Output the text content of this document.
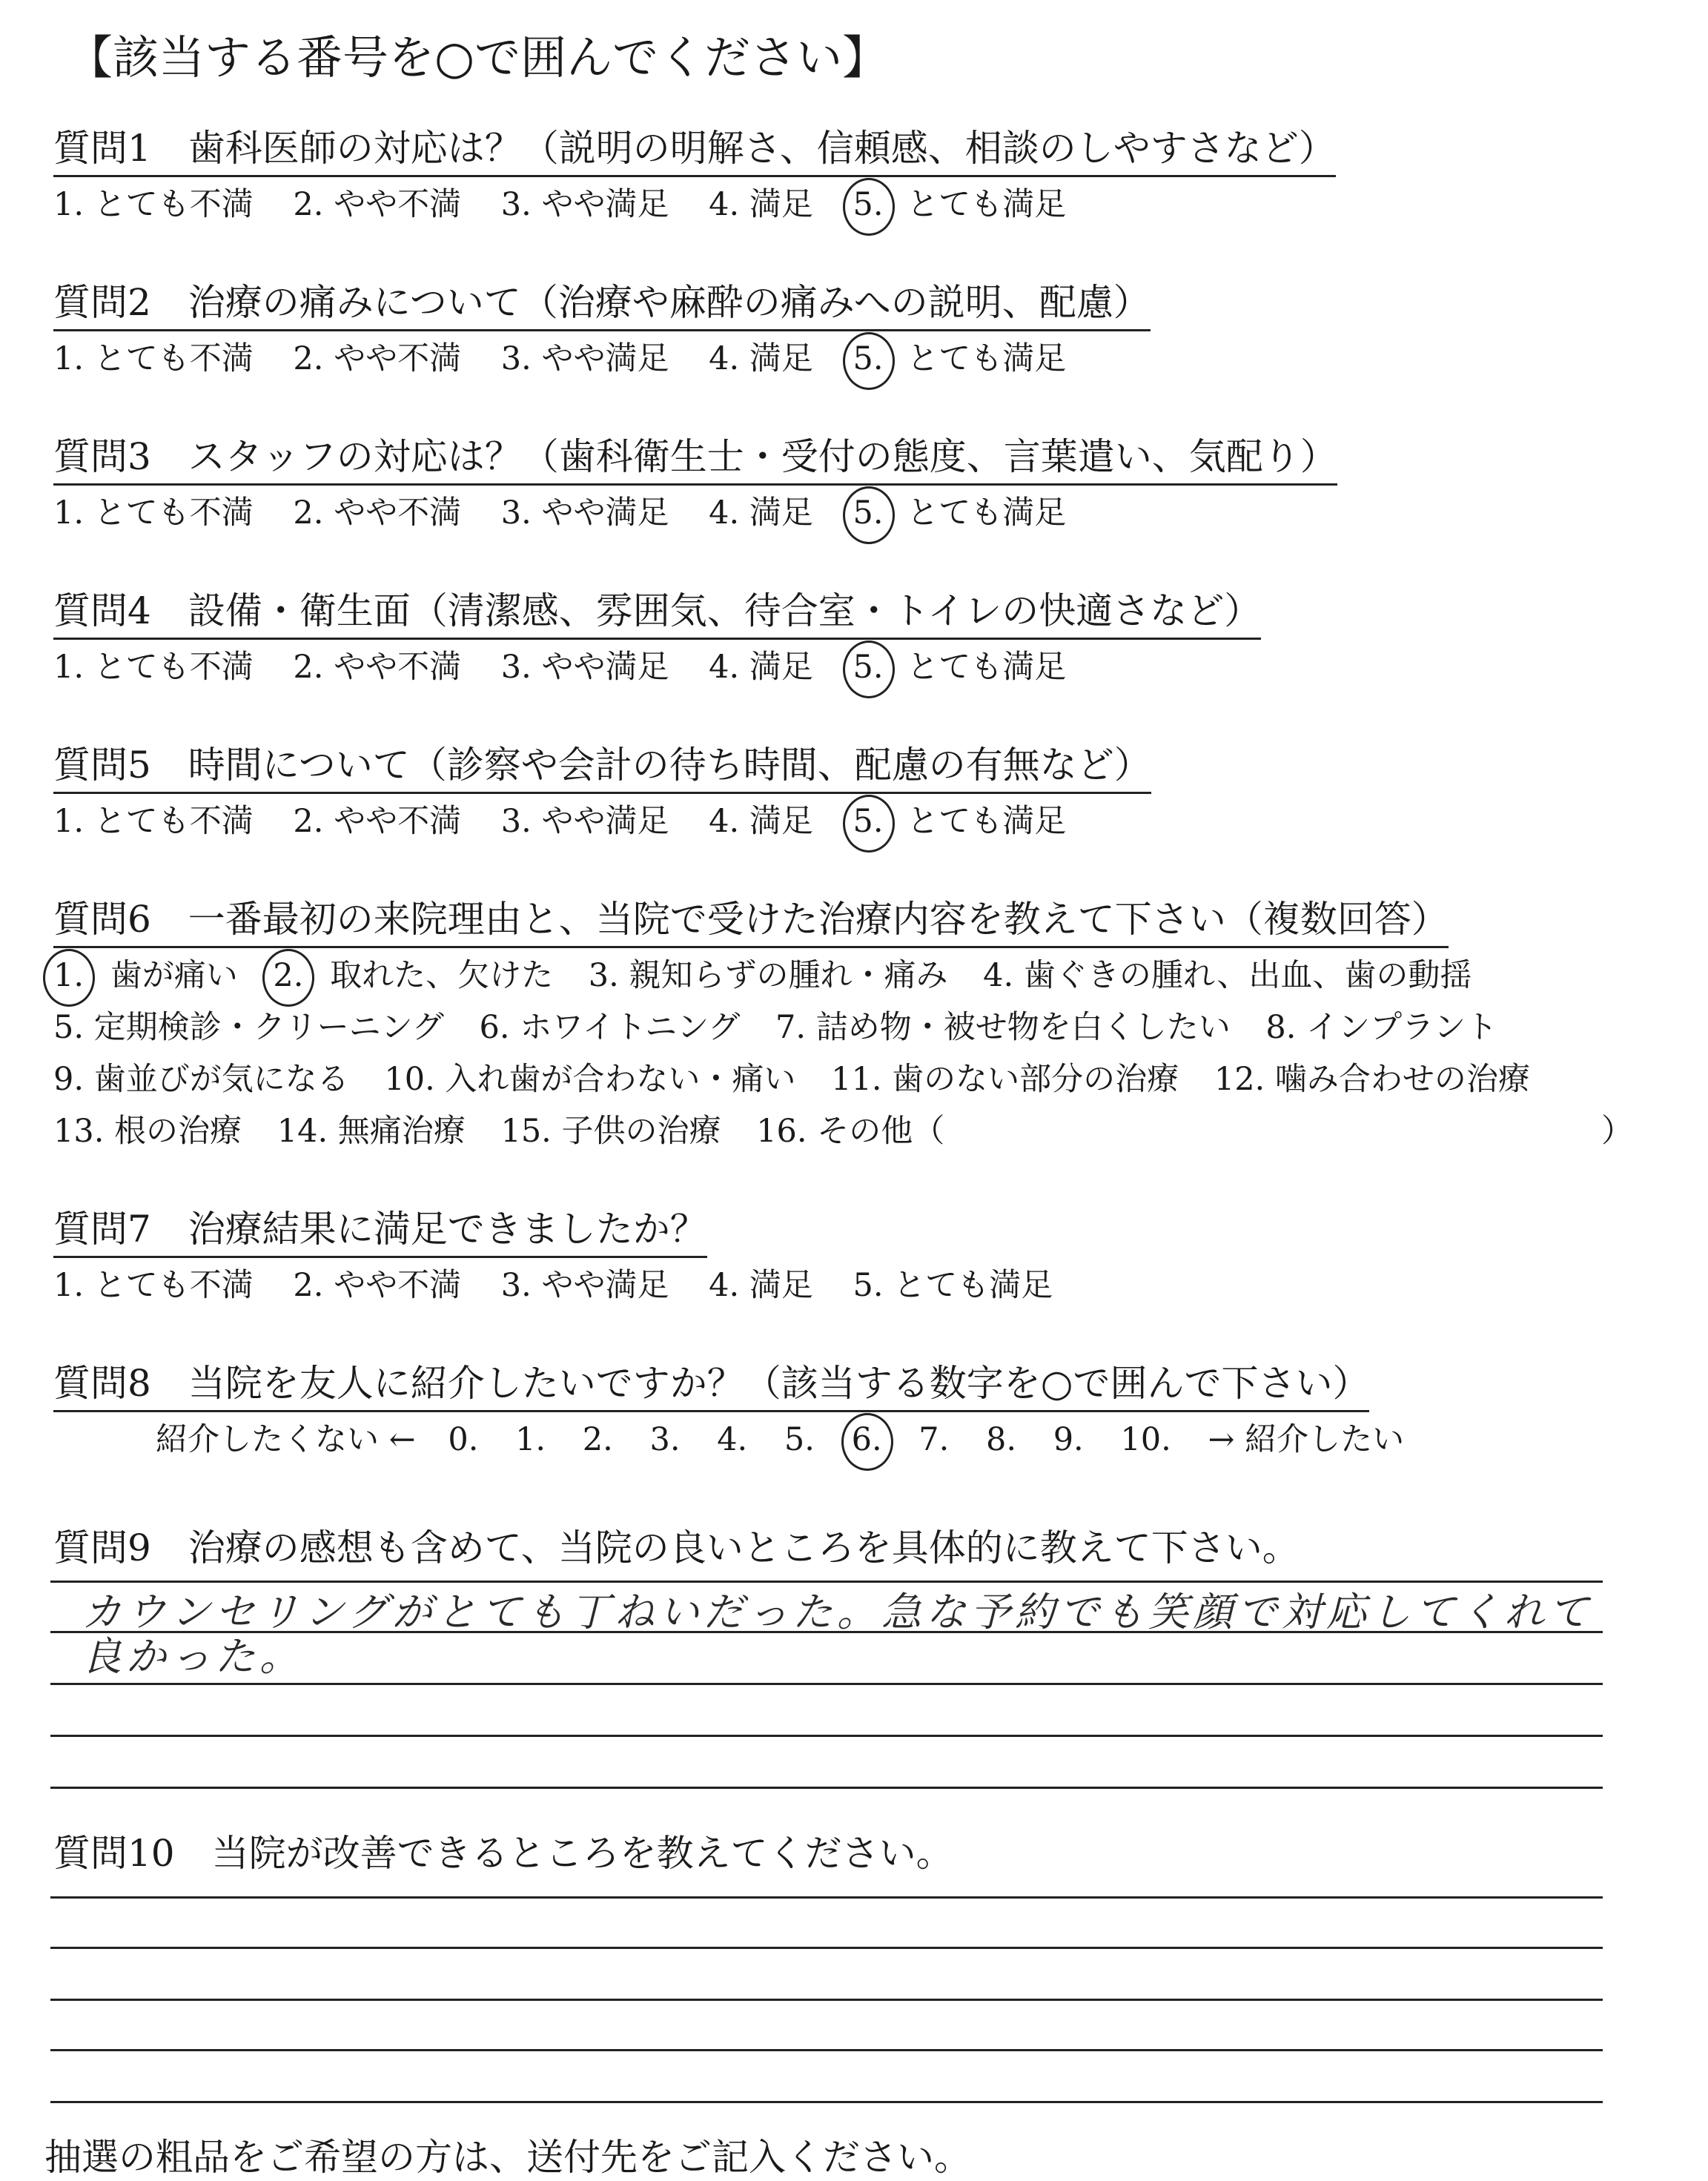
【該当する番号を○で囲んでください】
質問1　歯科医師の対応は？（説明の明解さ、信頼感、相談のしやすさなど）
1. とても不満 2. やや不満 3. やや満足 4. 満足 5. とても満足
質問2　治療の痛みについて（治療や麻酔の痛みへの説明、配慮）
1. とても不満 2. やや不満 3. やや満足 4. 満足 5. とても満足
質問3　スタッフの対応は？（歯科衛生士・受付の態度、言葉遣い、気配り）
1. とても不満 2. やや不満 3. やや満足 4. 満足 5. とても満足
質問4　設備・衛生面（清潔感、雰囲気、待合室・トイレの快適さなど）
1. とても不満 2. やや不満 3. やや満足 4. 満足 5. とても満足
質問5　時間について（診察や会計の待ち時間、配慮の有無など）
1. とても不満 2. やや不満 3. やや満足 4. 満足 5. とても満足
質問6　一番最初の来院理由と、当院で受けた治療内容を教えて下さい（複数回答）
1. 歯が痛い 2. 取れた、欠けた 3. 親知らずの腫れ・痛み 4. 歯ぐきの腫れ、出血、歯の動揺
5. 定期検診・クリーニング 6. ホワイトニング 7. 詰め物・被せ物を白くしたい 8. インプラント
9. 歯並びが気になる 10. 入れ歯が合わない・痛い 11. 歯のない部分の治療 12. 噛み合わせの治療
13. 根の治療 14. 無痛治療 15. 子供の治療 16. その他（	）
質問7　治療結果に満足できましたか？
1. とても不満 2. やや不満 3. やや満足 4. 満足 5. とても満足
質問8　当院を友人に紹介したいですか？（該当する数字を○で囲んで下さい）
紹介したくない ← 0. 1. 2. 3. 4. 5. 6. 7. 8. 9. 10. → 紹介したい
質問9　治療の感想も含めて、当院の良いところを具体的に教えて下さい。
カウンセリングがとても丁ねいだった。急な予約でも笑顔で対応してくれて
良かった。
質問10　当院が改善できるところを教えてください。
抽選の粗品をご希望の方は、送付先をご記入ください。
